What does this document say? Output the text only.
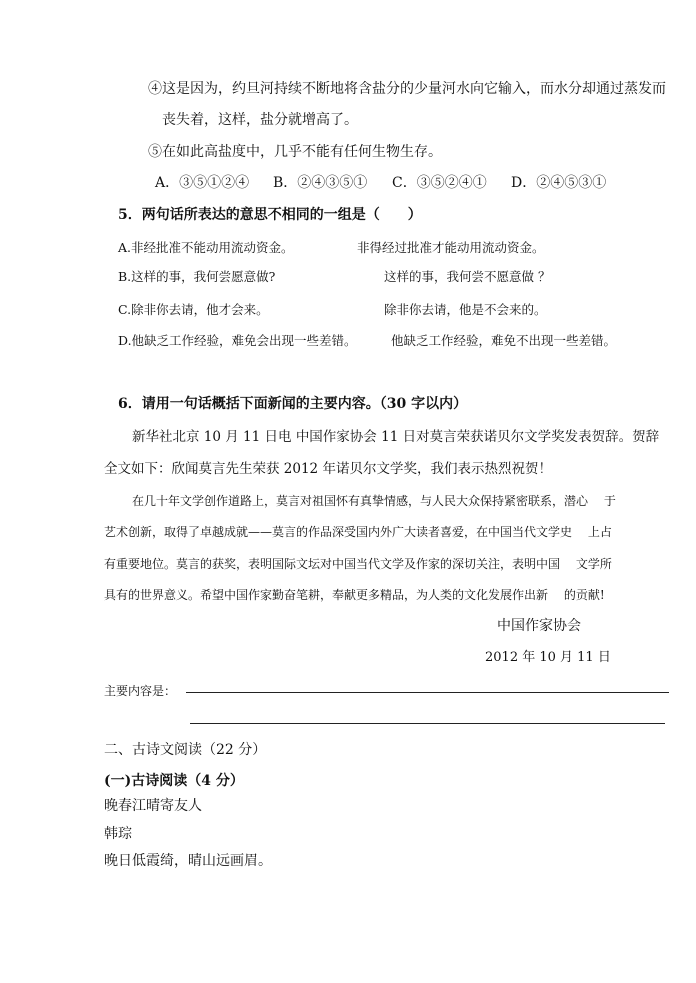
④这是因为，约旦河持续不断地将含盐分的少量河水向它输入，而水分却通过蒸发而
丧失着，这样，盐分就增高了。
⑤在如此高盐度中，几乎不能有任何生物生存。
A．③⑤①②④ B．②④③⑤① C．③⑤②④① D．②④⑤③①
5．两句话所表达的意思不相同的一组是（　　）
A.非经批准不能动用流动资金。	非得经过批准才能动用流动资金。
B.这样的事，我何尝愿意做?	这样的事，我何尝不愿意做 ？
C.除非你去请，他才会来。	除非你去请，他是不会来的。
D.他缺乏工作经验，难免会出现一些差错。	他缺乏工作经验，难免不出现一些差错。
6．请用一句话概括下面新闻的主要内容。（30 字以内）
新华社北京 10 月 11 日电 中国作家协会 11 日对莫言荣获诺贝尔文学奖发表贺辞。贺辞
全文如下：欣闻莫言先生荣获 2012 年诺贝尔文学奖，我们表示热烈祝贺！
在几十年文学创作道路上，莫言对祖国怀有真挚情感，与人民大众保持紧密联系，潜心　 于
艺术创新，取得了卓越成就——莫言的作品深受国内外广大读者喜爱，在中国当代文学史　 上占
有重要地位。莫言的获奖，表明国际文坛对中国当代文学及作家的深切关注，表明中国　 文学所
具有的世界意义。希望中国作家勤奋笔耕，奉献更多精品，为人类的文化发展作出新　 的贡献!
中国作家协会
2012 年 10 月 11 日
主要内容是：
二、古诗文阅读（22 分）
(一)古诗阅读（4 分）
晚春江晴寄友人
韩琮
晚日低霞绮，晴山远画眉。
